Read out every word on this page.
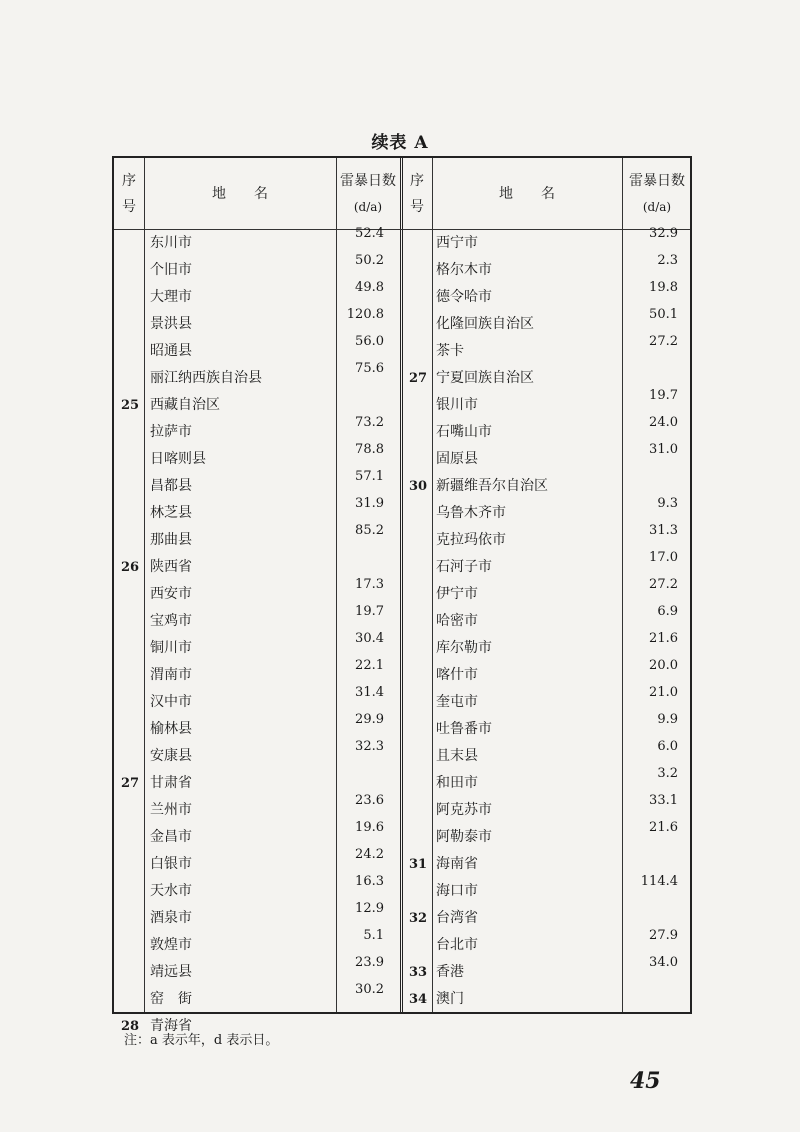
续表 A
序
号
地　　名
雷暴日数
(d/a)
序
号
地　　名
雷暴日数
(d/a)
东川市
52.4
个旧市
50.2
大理市
49.8
景洪县
120.8
昭通县
56.0
丽江纳西族自治县
75.6
25 西藏自治区
拉萨市
73.2
日喀则县
78.8
昌都县
57.1
林芝县
31.9
那曲县
85.2
26 陕西省
西安市
17.3
宝鸡市
19.7
铜川市
30.4
渭南市
22.1
汉中市
31.4
榆林县
29.9
安康县
32.3
27 甘肃省
兰州市
23.6
金昌市
19.6
白银市
24.2
天水市
16.3
酒泉市
12.9
敦煌市
5.1
靖远县
23.9
窑　街
30.2
28 青海省
西宁市
32.9
格尔木市
2.3
德令哈市
19.8
化隆回族自治区
50.1
茶卡
27.2
27 宁夏回族自治区
银川市
19.7
石嘴山市
24.0
固原县
31.0
30 新疆维吾尔自治区
乌鲁木齐市
9.3
克拉玛依市
31.3
石河子市
17.0
伊宁市
27.2
哈密市
6.9
库尔勒市
21.6
喀什市
20.0
奎屯市
21.0
吐鲁番市
9.9
且末县
6.0
和田市
3.2
阿克苏市
33.1
阿勒泰市
21.6
31 海南省
海口市
114.4
32 台湾省
台北市
27.9
33 香港
34.0
34 澳门
注：a 表示年，d 表示日。
45
